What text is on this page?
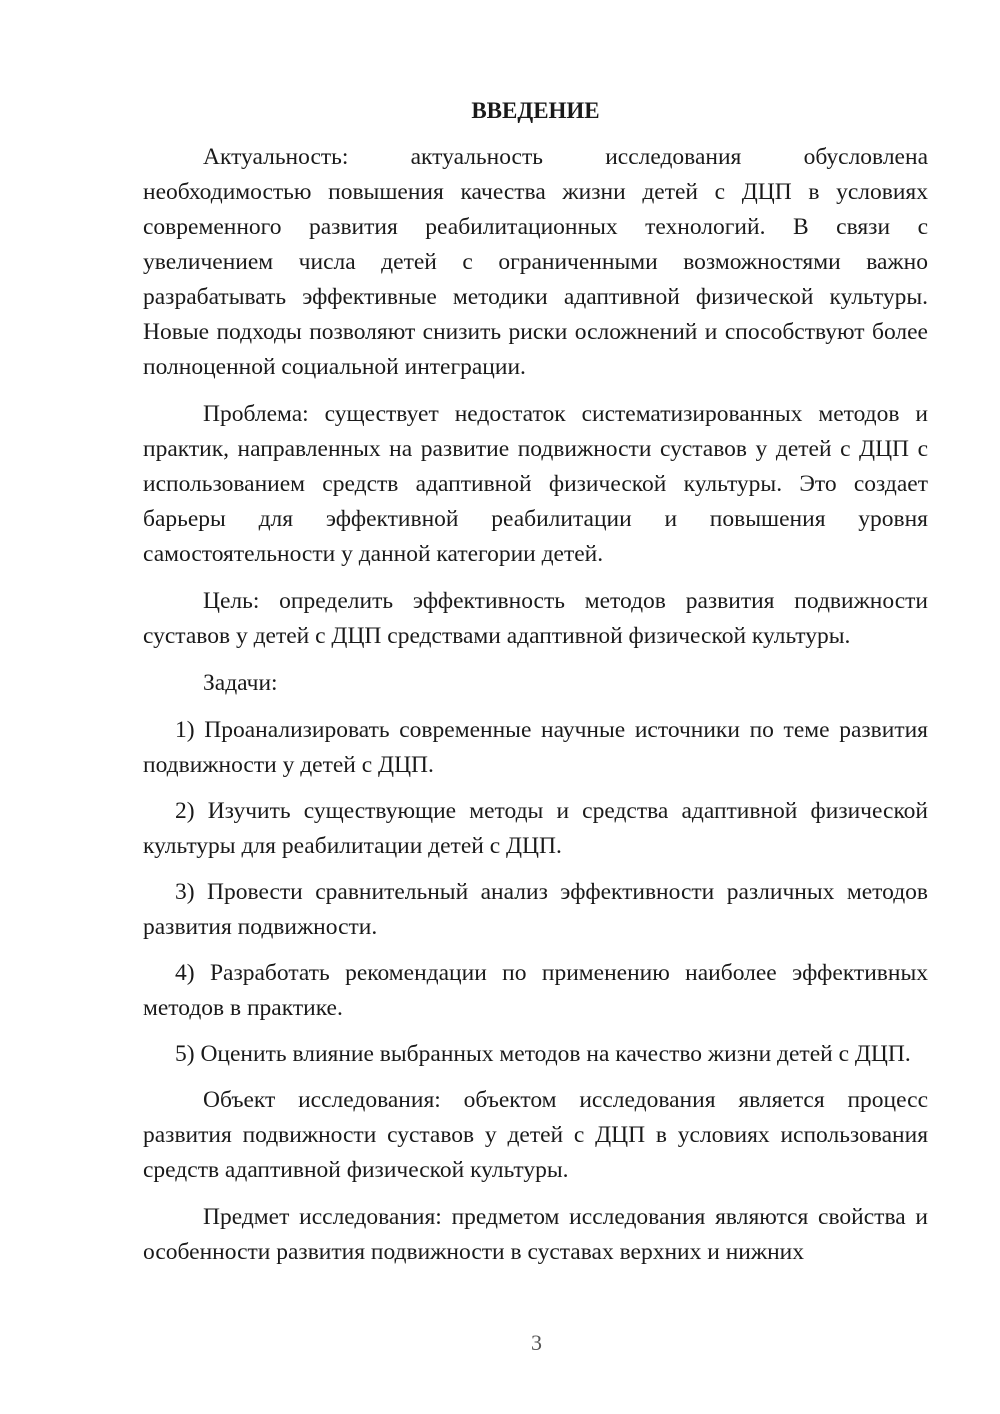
ВВЕДЕНИЕ

Актуальность: актуальность исследования обусловлена необходимостью повышения качества жизни детей с ДЦП в условиях современного развития реабилитационных технологий. В связи с увеличением числа детей с ограниченными возможностями важно разрабатывать эффективные методики адаптивной физической культуры. Новые подходы позволяют снизить риски осложнений и способствуют более полноценной социальной интеграции.

Проблема: существует недостаток систематизированных методов и практик, направленных на развитие подвижности суставов у детей с ДЦП с использованием средств адаптивной физической культуры. Это создает барьеры для эффективной реабилитации и повышения уровня самостоятельности у данной категории детей.

Цель: определить эффективность методов развития подвижности суставов у детей с ДЦП средствами адаптивной физической культуры.

Задачи:

1) Проанализировать современные научные источники по теме развития подвижности у детей с ДЦП.

2) Изучить существующие методы и средства адаптивной физической культуры для реабилитации детей с ДЦП.

3) Провести сравнительный анализ эффективности различных методов развития подвижности.

4) Разработать рекомендации по применению наиболее эффективных методов в практике.

5) Оценить влияние выбранных методов на качество жизни детей с ДЦП.

Объект исследования: объектом исследования является процесс развития подвижности суставов у детей с ДЦП в условиях использования средств адаптивной физической культуры.

Предмет исследования: предметом исследования являются свойства и особенности развития подвижности в суставах верхних и нижних

3
